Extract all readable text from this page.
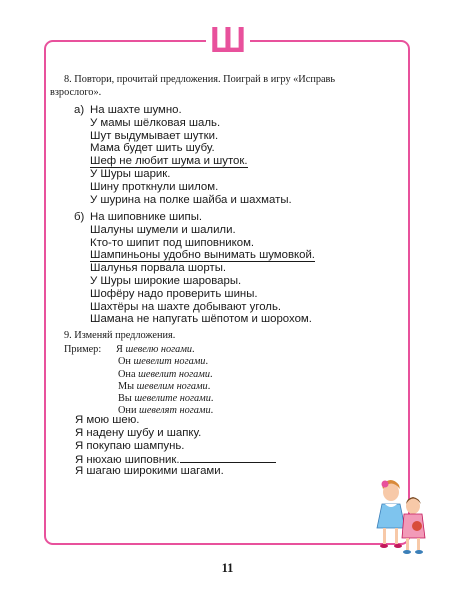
Ш
8. Повтори, прочитай предложения. Поиграй в игру «Исправь

взрослого».
а) На шахте шумно.
У мамы шёлковая шаль.
Шут выдумывает шутки.
Мама будет шить шубу.
Шеф не любит шума и шуток.
У Шуры шарик.
Шину проткнули шилом.
У шурина на полке шайба и шахматы.
б) На шиповнике шипы.
Шалуны шумели и шалили.
Кто-то шипит под шиповником.
Шампиньоны удобно вынимать шумовкой.
Шалунья порвала шорты.
У Шуры широкие шаровары.
Шофёру надо проверить шины.
Шахтёры на шахте добывают уголь.
Шамана не напугать шёпотом и шорохом.
9. Изменяй предложения.
Пример: Я шевелю ногами.
Он шевелит ногами.
Она шевелит ногами.
Мы шевелим ногами.
Вы шевелите ногами.
Они шевелят ногами.
Я мою шею.
Я надену шубу и шапку.
Я покупаю шампунь.
Я нюхаю шиповник.
Я шагаю широкими шагами.
11
